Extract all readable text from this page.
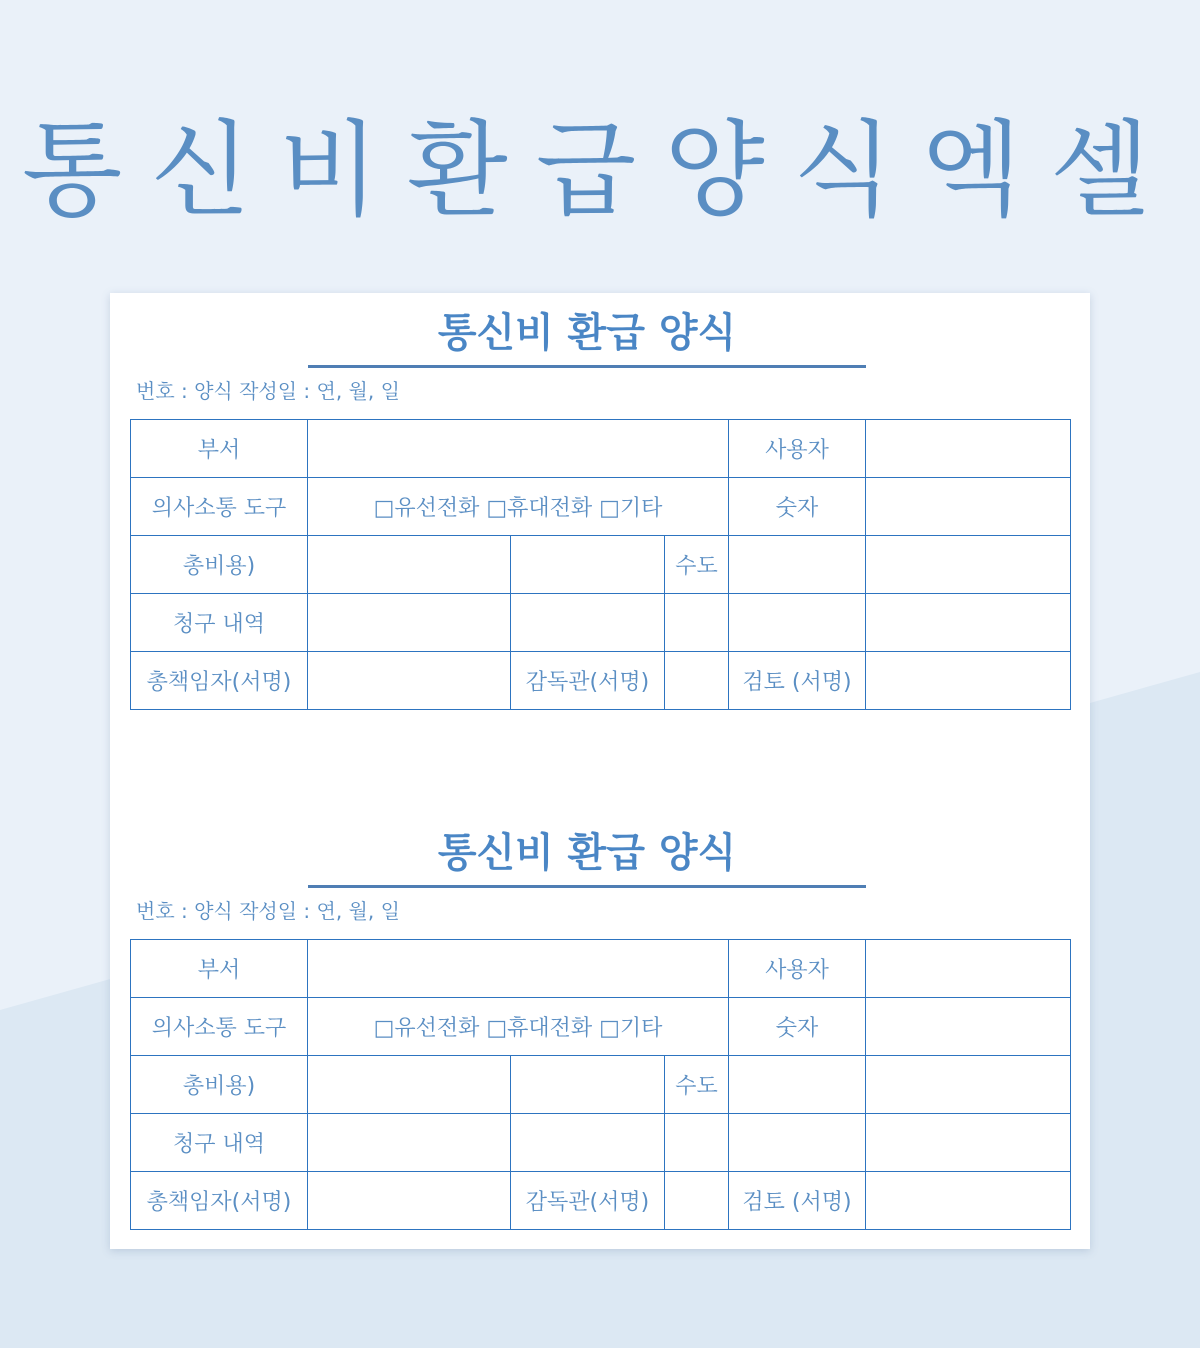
통신비환급양식엑셀
통신비 환급 양식
번호 : 양식 작성일 : 연, 월, 일
부서				사용자	
의사소통 도구	□유선전화 □휴대전화 □기타			숫자	
총비용)			수도		
청구 내역					
총책임자(서명)		감독관(서명)		검토 (서명)	
통신비 환급 양식
번호 : 양식 작성일 : 연, 월, 일
부서				사용자	
의사소통 도구	□유선전화 □휴대전화 □기타			숫자	
총비용)			수도		
청구 내역					
총책임자(서명)		감독관(서명)		검토 (서명)	
